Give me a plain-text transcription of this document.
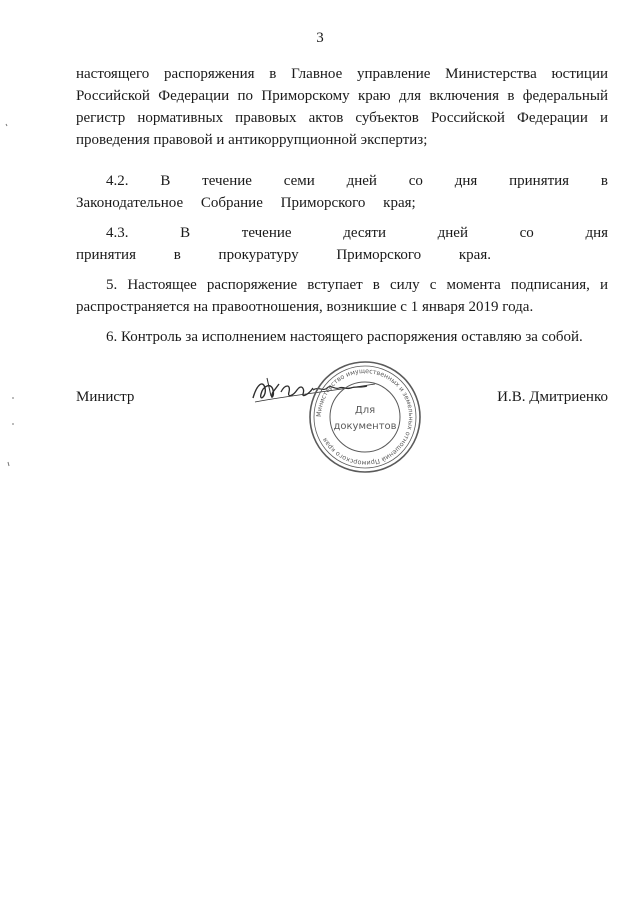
3

настоящего распоряжения в Главное управление Министерства юстиции Российской Федерации по Приморскому краю для включения в федеральный регистр нормативных правовых актов субъектов Российской Федерации и проведения правовой и антикоррупционной экспертиз;

4.2. В течение семи дней со дня принятия в Законодательное Собрание Приморского края;

4.3. В течение десяти дней со дня принятия в прокуратуру Приморского края.

5. Настоящее распоряжение вступает в силу с момента подписания, и распространяется на правоотношения, возникшие с 1 января 2019 года.

6. Контроль за исполнением настоящего распоряжения оставляю за собой.

Министр	И.В. Дмитриенко
Министерство имущественных и земельных отношений Приморского края
Для
документов
